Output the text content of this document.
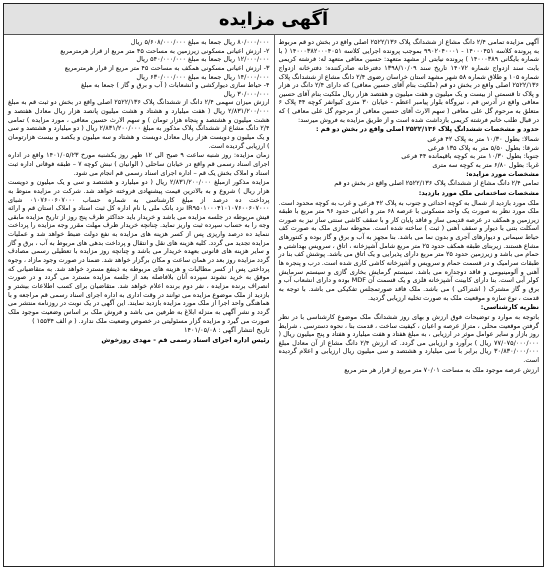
آگهی مزایده

آگهی مزایده تمامی ۲/۴ دانگ مشاع از ششدانگ پلاک ۲۵۲۲/۱۳۶ اصلی واقع در بخش دو قم مربوط به پرونده کلاسه ۱۴۰۰۰۴۵۱ - ۹۹۰۲۰۴۰۰۰۱ بموجب پرونده اجرایی کلاسه ۱۴۰۰۰۳۸۲۰۰۰۴۰۵۱ ( با شماره بایگانی ۱۴۰۰۰۳۸۹ ) پرونده نیابتی از مشهد متعهد: حسین معافی متعهد له: فرشته کریمی بابت سند ازدواج شماره ۱۴۰۷۲ تاریخ سند ۱۳۹۸/۱۰/۰۹ دفترخانه صادرکننده: دفترخانه ازدواج شماره ۱۰۵ و طلاق شماره ۵۸ شهر مشهد استان خراسان رضوی ۲/۴ دانگ مشاع از ششدانگ پلاک ۲۵۲۲/۱۳۶ اصلی واقع در بخش دو قم (ملکیت بنام آقای حسین معافی) که دارای ۲/۴ دانگ در هزار و پلاک تا قسمتی از بیست و یک میلیون و هفت میلیون و هفتصد هزار ریال ملکیت بنام آقای حسین معافی واقع در آدرس قم ، نیروگاه بلوار پیامبر اعظم - خیابان ۳۰ متری کیوانفر کوچه ۴۴ پلاک ۶ متعلق به مرحوم گل علی معافی ( سهم الارث آقای حسین معافی از مرحوم گل علی معافی ) که در قبال طلب خانم فرشته کریمی بازداشت شده است و از طریق مزایده به فروش میرسد:

حدود و مشخصات ششدانگ پلاک ۲۵۲۲/۱۳۶ اصلی واقع در بخش دو قم :

شمالا: بطول ۱۰/۳۰ متر به پلاک ۴۲ فرعی

شرقا: بطول ۵/۵۰ متر به پلاک ۱۳۵ فرعی

جنوبا: بطول ۱۰/۳۰ متر به کوچه باقیمانده ۴۴ فرعی

غربا: بطول ۶/۸۰ متر به کوچه سه متری

مشخصات مورد مزایده:

تمامی ۲/۴ دانگ مشاع از ششدانگ پلاک ۲۵۲۲/۱۳۶ اصلی واقع در بخش دو قم

مشخصات ساختمانی ملک مورد بازدید:

ملک مورد بازدید از شمال به کوچه احداثی و جنوب به پلاک ۴۲ فرعی و غرب به کوچه محدود است. ملک مورد نظر به صورت یک واحد مسکونی با عرصه ۶۸ متر و اعیانی حدود ۹۶ متر مربع با طبقه زیرزمین و همکف در عرصه قدیمی ساز و فاقد پایان کار و با سقف کاشی سنتی ساز نیز به صورت اسکلت بتنی با دیوار و سقف آهنی ( ثبت ) ساخته شده است. محوطه سازی ملک به صورت کف حیاط سیمانی و دیوارهای آجری و بدون نما می باشد. بنا مجهز به آب و برق و گاز بوده و کنتورهای مشاع هستند. زیربنای طبقه همکف حدود ۲۵ متر مربع شامل آشپزخانه ، اتاق ، سرویس بهداشتی و حمام می باشد و زیرزمین حدود ۲۵ متر مربع دارای پذیرایی و یک اتاق می باشد. پوشش کف بنا در طبقات سرامیک و در قسمت حمام و سرویس و آشپزخانه کاشی کاری شده است. درب و پنجره ها آهنی و آلومینیومی و فاقد دوجداره می باشد. سیستم گرمایش بخاری گازی و سیستم سرمایش کولر آبی است. بنا دارای کابینت آشپزخانه فلزی و یک قسمت آن MDF بوده و دارای انشعاب آب و برق و گاز مشترک ( اشتراکی ) می باشد. ملک فاقد صورتمجلس تفکیکی می باشد. با توجه به قدمت ، نوع سازه و موقعیت ملک به صورت تخلیه ارزیابی گردید.

نظریه کارشناسی:

باتوجه به موارد و توضیحات فوق ارزش و بهای روز ششدانگ ملک موضوع کارشناسی با در نظر گرفتن موقعیت محلی ، متراژ عرصه و اعیان ، کیفیت ساخت ، قدمت بنا ، نحوه دسترسی ، شرایط روز بازار و سایر عوامل موثر در ارزیابی ، به مبلغ هفتاد و هفت میلیارد و هفتاد و پنج میلیون ریال ( ۷۷/۰۷۵/۰۰۰/۰۰۰ ریال ) برآورد و ارزیابی می گردد. که ارزش ۲/۴ دانگ مشاع از آن معادل مبلغ ۳۰/۸۳۰/۰۰۰/۰۰۰ ریال برابر با سی میلیارد و هشتصد و سی میلیون ریال ارزیابی و اعلام گردیده است.

ارزش عرصه موجود ملک به مساحت ۷۰/۰۱ متر مربع از قرار هر متر مربع

۸۰/۰۰۰/۰۰۰ ریال جمعا به مبلغ ۵/۶۰۸/۰۰۰/۰۰۰ ریال

۲- ارزش اعیانی مسکونی زیرزمین به مساحت ۴۵ متر مربع از قرار هرمترمربع

۱۲/۰۰۰/۰۰۰ ریال جمعا به مبلغ ۵۴۰/۰۰۰/۰۰۰ ریال

۳- ارزش اعیانی مسکونی همکف به مساحت ۴۵ متر مربع از قرار هرمترمربع

۱۴/۰۰۰/۰۰۰ ریال جمعا به مبلغ ۶۳۰/۰۰۰/۰۰۰ ریال

۴- حیاط سازی دیوارکشی و انشعابات ( آب و برق و گاز ) جمعا به مبلغ

۳۰/۰۰۰/۰۰۰ ریال

ارزش میزان سهمی ۲/۴ دانگ از ششدانگ پلاک ۲۵۲۲/۱۳۶ اصلی واقع در بخش دو ثبت قم به مبلغ ۲/۸۳۱/۲۰۰/۰۰۰ ریال ( هفت میلیارد و هشتاد و هشت میلیون پانصد هزار ریال معادل هفتصد و هشت میلیون و هشتصد و پنجاه هزار تومان ) و سهم الارث حسین معافی ، مورد مزایده ) تمامی ۲/۴ دانگ مشاع از ششدانگ پلاک مذکور به مبلغ ۲/۸۳۱/۲۰۰/۰۰۰ ریال ( دو میلیارد و هشتصد و سی و یک میلیون و دویست هزار ریال معادل دویست و هشتاد و سه میلیون و یکصد و بیست هزارتومان ) ارزیابی گردیده است.

زمان مزایده: روز شنبه ساعت ۹ صبح الی ۱۲ ظهر روز یکشنبه مورخ ۱۴۰۱/۰۵/۲۳ واقع در اداره اجرای اسناد رسمی قم واقع در خیابان ساحلی ( الوانیان ) نبش کوچه ۷ – طبقه فوقانی اداره ثبت اسناد و املاک بخش یک قم – اداره اجرای اسناد رسمی قم انجام می شود.

مزایده مذکور ازمبلغ ۲/۸۳۱/۲۰۰/۰۰۰ ریال ( دو میلیارد و هشتصد و سی و یک میلیون و دویست هزار ریال ) شروع و به بالاترین قیمت پیشنهادی فروخته خواهد شد. شرکت در مزایده منوط به پرداخت ده درصد از مبلغ کارشناسی به شماره حساب ۰۱۰۷۶۰۰۶۰۷۰۰۰ شبای IR۹۵۰۱۰۰۰۴۱۰۱۰۷۶۰۰۶۰۷۰۰۰ نزد بانک ملی با نام اداره کل ثبت اسناد و املاک استان قم و ارائه فیش مربوطه در جلسه مزایده می باشد و خریدار باید حداکثر ظرف پنج روز از تاریخ مزایده مابقی وجه را به حساب سپرده ثبت واریز نماید. چنانچه خریدار ظرف مهلت مقرر وجه مزایده را پرداخت ننماید ده درصد واریزی پس از کسر هزینه های مزایده به نفع دولت ضبط خواهد شد و عملیات مزایده تجدید می گردد. کلیه هزینه های نقل و انتقال و پرداخت بدهی های مربوط به آب ، برق و گاز و سایر هزینه های قانونی بعهده خریدار می باشد و چنانچه روز مزایده با تعطیلی رسمی مصادف گردد مزایده روز بعد در همان ساعت و مکان برگزار خواهد شد. ضمنا در صورت وجود مازاد ، وجوه پرداختی پس از کسر مطالبات و هزینه های مربوطه به ذینفع مسترد خواهد شد. به متقاضیانی که موفق به خرید نشوند سپرده آنان بلافاصله بعد از جلسه مزایده مسترد می گردد و در صورت انصراف برنده مزایده ، نفر دوم برنده اعلام خواهد شد. متقاضیان برای کسب اطلاعات بیشتر و بازدید از ملک موضوع مزایده می توانند در وقت اداری به اداره اجرای اسناد رسمی قم مراجعه و با هماهنگی واحد اجرا از ملک مورد مزایده بازدید نمایند. این آگهی در یک نوبت در روزنامه منتشر می گردد و نشر آگهی به منزله ابلاغ به طرفین می باشد و فروش ملک بر اساس وضعیت موجود ملک صورت می گیرد و مزایده گزار مسئولیتی در خصوص وضعیت ملک ندارد. ( م الف ۱۵۵۳۴ )

تاریخ انتشار آگهی : ۱۴۰۱/۰۵/۰۸

رئیس اداره اجرای اسناد رسمی قم - مهدی روزخوش
